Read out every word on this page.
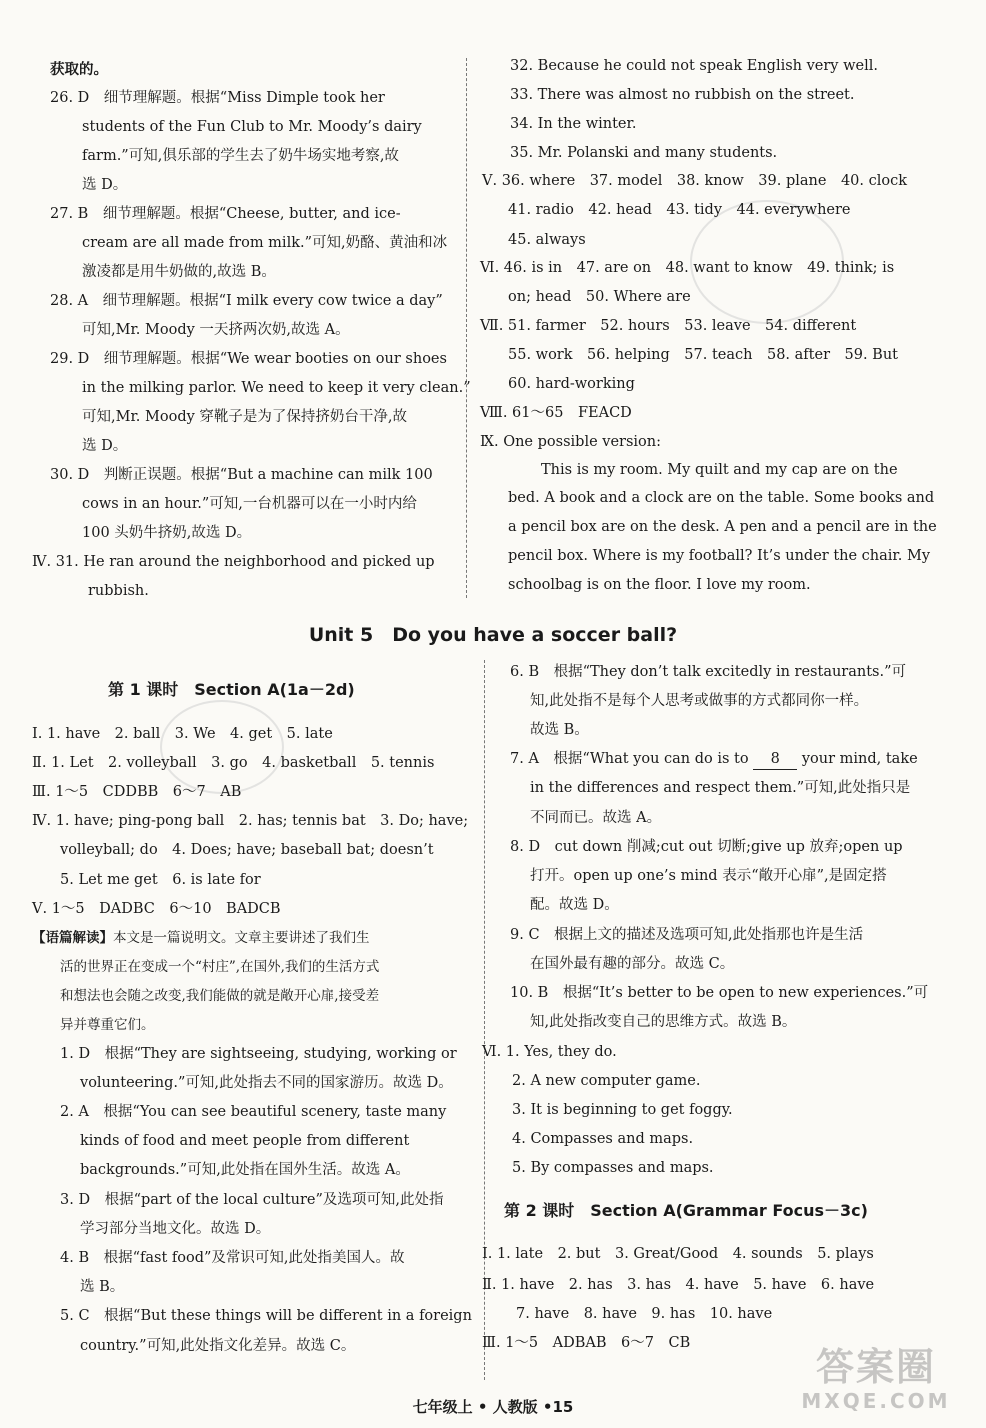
获取的。
26. D　细节理解题。根据“Miss Dimple took her
students of the Fun Club to Mr. Moody’s dairy
farm.”可知,俱乐部的学生去了奶牛场实地考察,故
选 D。
27. B　细节理解题。根据“Cheese, butter, and ice-
cream are all made from milk.”可知,奶酪、黄油和冰
激凌都是用牛奶做的,故选 B。
28. A　细节理解题。根据“I milk every cow twice a day”
可知,Mr. Moody 一天挤两次奶,故选 A。
29. D　细节理解题。根据“We wear booties on our shoes
in the milking parlor. We need to keep it very clean.”
可知,Mr. Moody 穿靴子是为了保持挤奶台干净,故
选 D。
30. D　判断正误题。根据“But a machine can milk 100
cows in an hour.”可知,一台机器可以在一小时内给
100 头奶牛挤奶,故选 D。
Ⅳ. 31. He ran around the neighborhood and picked up
rubbish.
32. Because he could not speak English very well.
33. There was almost no rubbish on the street.
34. In the winter.
35. Mr. Polanski and many students.
Ⅴ. 36. where　37. model　38. know　39. plane　40. clock
41. radio　42. head　43. tidy　44. everywhere
45. always
Ⅵ. 46. is in　47. are on　48. want to know　49. think; is
on; head　50. Where are
Ⅶ. 51. farmer　52. hours　53. leave　54. different
55. work　56. helping　57. teach　58. after　59. But
60. hard-working
Ⅷ. 61～65　FEACD
Ⅸ. One possible version:
This is my room. My quilt and my cap are on the
bed. A book and a clock are on the table. Some books and
a pencil box are on the desk. A pen and a pencil are in the
pencil box. Where is my football? It’s under the chair. My
schoolbag is on the floor. I love my room.
Unit 5　Do you have a soccer ball?
第 1 课时　Section A(1a－2d)
Ⅰ. 1. have　2. ball　3. We　4. get　5. late
Ⅱ. 1. Let　2. volleyball　3. go　4. basketball　5. tennis
Ⅲ. 1～5　CDDBB　6～7　AB
Ⅳ. 1. have; ping-pong ball　2. has; tennis bat　3. Do; have;
volleyball; do　4. Does; have; baseball bat; doesn’t
5. Let me get　6. is late for
Ⅴ. 1～5　DADBC　6～10　BADCB
【语篇解读】本文是一篇说明文。文章主要讲述了我们生
活的世界正在变成一个“村庄”,在国外,我们的生活方式
和想法也会随之改变,我们能做的就是敞开心扉,接受差
异并尊重它们。
1. D　根据“They are sightseeing, studying, working or
volunteering.”可知,此处指去不同的国家游历。故选 D。
2. A　根据“You can see beautiful scenery, taste many
kinds of food and meet people from different
backgrounds.”可知,此处指在国外生活。故选 A。
3. D　根据“part of the local culture”及选项可知,此处指
学习部分当地文化。故选 D。
4. B　根据“fast food”及常识可知,此处指美国人。故
选 B。
5. C　根据“But these things will be different in a foreign
country.”可知,此处指文化差异。故选 C。
6. B　根据“They don’t talk excitedly in restaurants.”可
知,此处指不是每个人思考或做事的方式都同你一样。
故选 B。
7. A　根据“What you can do is to 8 your mind, take
in the differences and respect them.”可知,此处指只是
不同而已。故选 A。
8. D　cut down 削减;cut out 切断;give up 放弃;open up
打开。open up one’s mind 表示“敞开心扉”,是固定搭
配。故选 D。
9. C　根据上文的描述及选项可知,此处指那也许是生活
在国外最有趣的部分。故选 C。
10. B　根据“It’s better to be open to new experiences.”可
知,此处指改变自己的思维方式。故选 B。
Ⅵ. 1. Yes, they do.
2. A new computer game.
3. It is beginning to get foggy.
4. Compasses and maps.
5. By compasses and maps.
第 2 课时　Section A(Grammar Focus－3c)
Ⅰ. 1. late　2. but　3. Great/Good　4. sounds　5. plays
Ⅱ. 1. have　2. has　3. has　4. have　5. have　6. have
7. have　8. have　9. has　10. have
Ⅲ. 1～5　ADBAB　6～7　CB
七年级上 • 人教版 •15
答案圈
MXQE.COM
